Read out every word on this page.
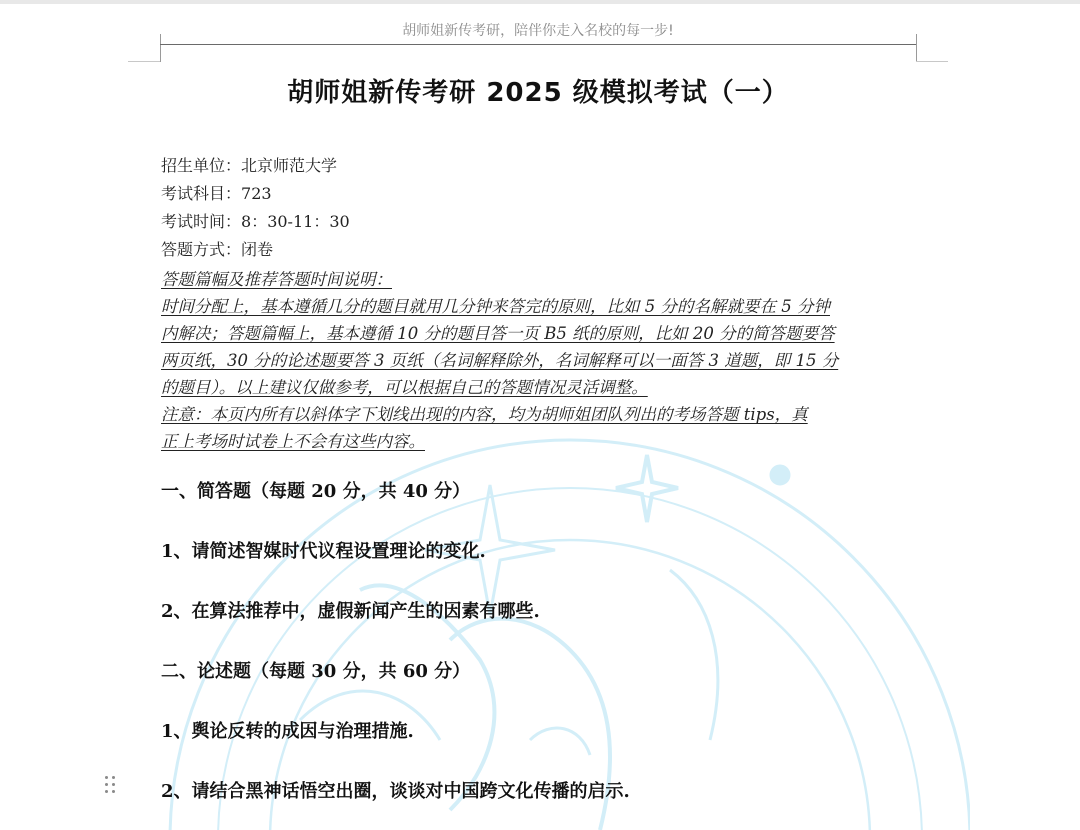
胡师姐新传考研，陪伴你走入名校的每一步!
胡师姐新传考研 2025 级模拟考试（一）
招生单位：北京师范大学
考试科目：723
考试时间：8：30-11：30
答题方式：闭卷
答题篇幅及推荐答题时间说明：
时间分配上，基本遵循几分的题目就用几分钟来答完的原则，比如 5 分的名解就要在 5 分钟
内解决；答题篇幅上，基本遵循 10 分的题目答一页 B5 纸的原则，比如 20 分的简答题要答
两页纸，30 分的论述题要答 3 页纸（名词解释除外，名词解释可以一面答 3 道题，即 15 分
的题目）。以上建议仅做参考，可以根据自己的答题情况灵活调整。
注意：本页内所有以斜体字下划线出现的内容，均为胡师姐团队列出的考场答题 tips，真
正上考场时试卷上不会有这些内容。
一、简答题（每题 20 分，共 40 分）
1、请简述智媒时代议程设置理论的变化.
2、在算法推荐中，虚假新闻产生的因素有哪些.
二、论述题（每题 30 分，共 60 分）
1、舆论反转的成因与治理措施.
2、请结合黑神话悟空出圈，谈谈对中国跨文化传播的启示.
